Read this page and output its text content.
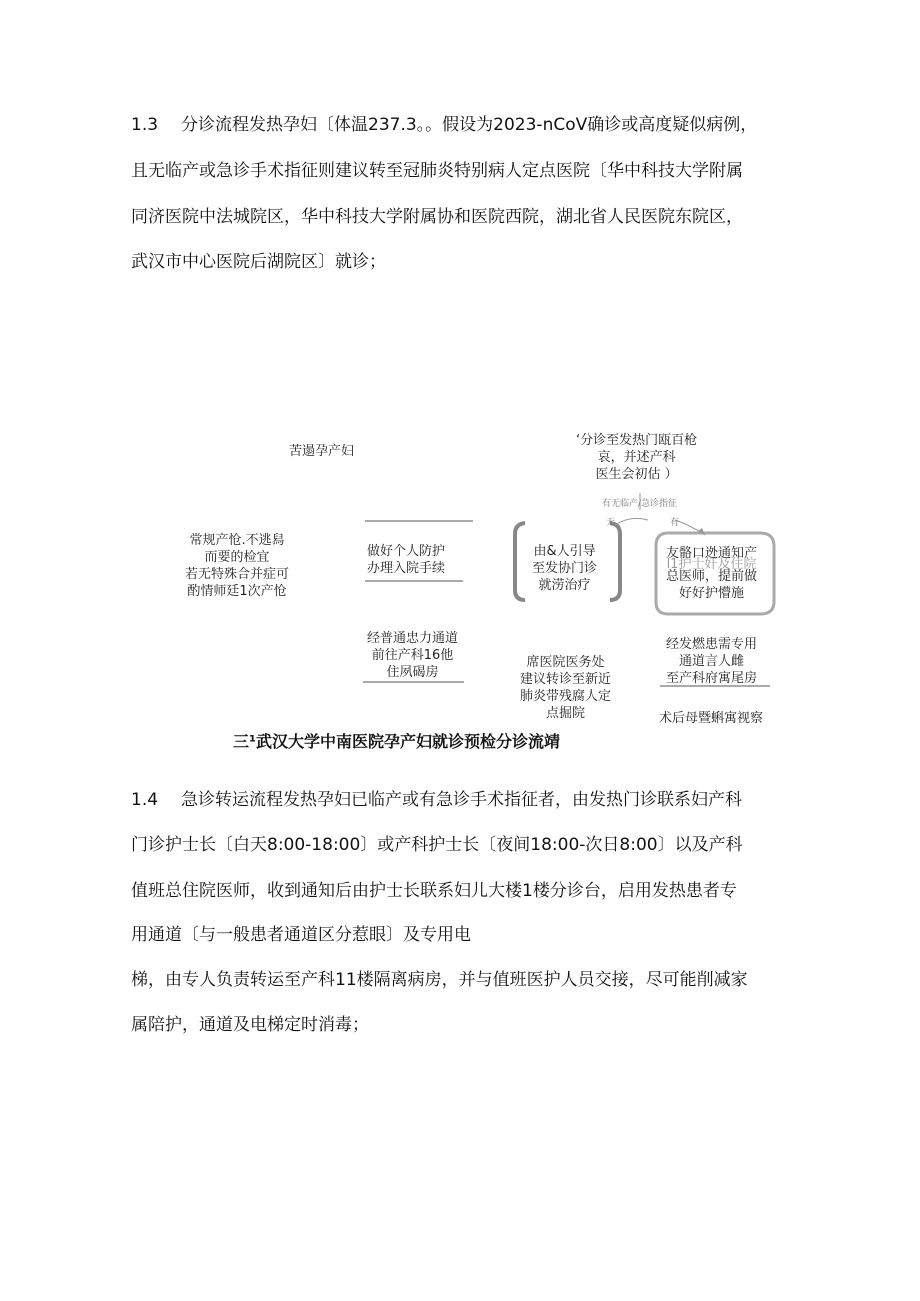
1.3 分诊流程发热孕妇〔体温237.3。。假设为2023-nCoV确诊或高度疑似病例，
且无临产或急诊手术指征则建议转至冠肺炎特别病人定点医院〔华中科技大学附属
同济医院中法城院区，华中科技大学附属协和医院西院，湖北省人民医院东院区，
武汉市中心医院后湖院区〕就诊；
苦遢孕产妇
‘分诊至发热门瓯百枪
哀，并述产科
医生会初估 ）
有无临产/急诊指征
无	有
常规产怆.不逃舄
而要的检宜
若无特殊合并症可
酌情师廷1次产怆
做好个人防护
办理入院手续
由&人引导
至发协门诊
就涝治疗
友骼口迯通知产
l1护士奸及住院
总医师，提前做
好好护懵施
经普通忠力通道
前往产科16他
住夙碣房
席医院医务处
建议转诊至新近
肺炎带残腐人定
点掘院
经发燃患需专用
通道言人雌
至产科府寓尾房
术后母暨蝌寓视察
三¹武汉大学中南医院孕产妇就诊预检分诊流靖
1.4 急诊转运流程发热孕妇已临产或有急诊手术指征者，由发热门诊联系妇产科
门诊护士长〔白天8:00-18:00〕或产科护士长〔夜间18:00-次日8:00〕以及产科
值班总住院医师，收到通知后由护士长联系妇儿大楼1楼分诊台，启用发热患者专
用通道〔与一般患者通道区分惹眼〕及专用电
梯，由专人负责转运至产科11楼隔离病房，并与值班医护人员交接，尽可能削减家
属陪护，通道及电梯定时消毒；
